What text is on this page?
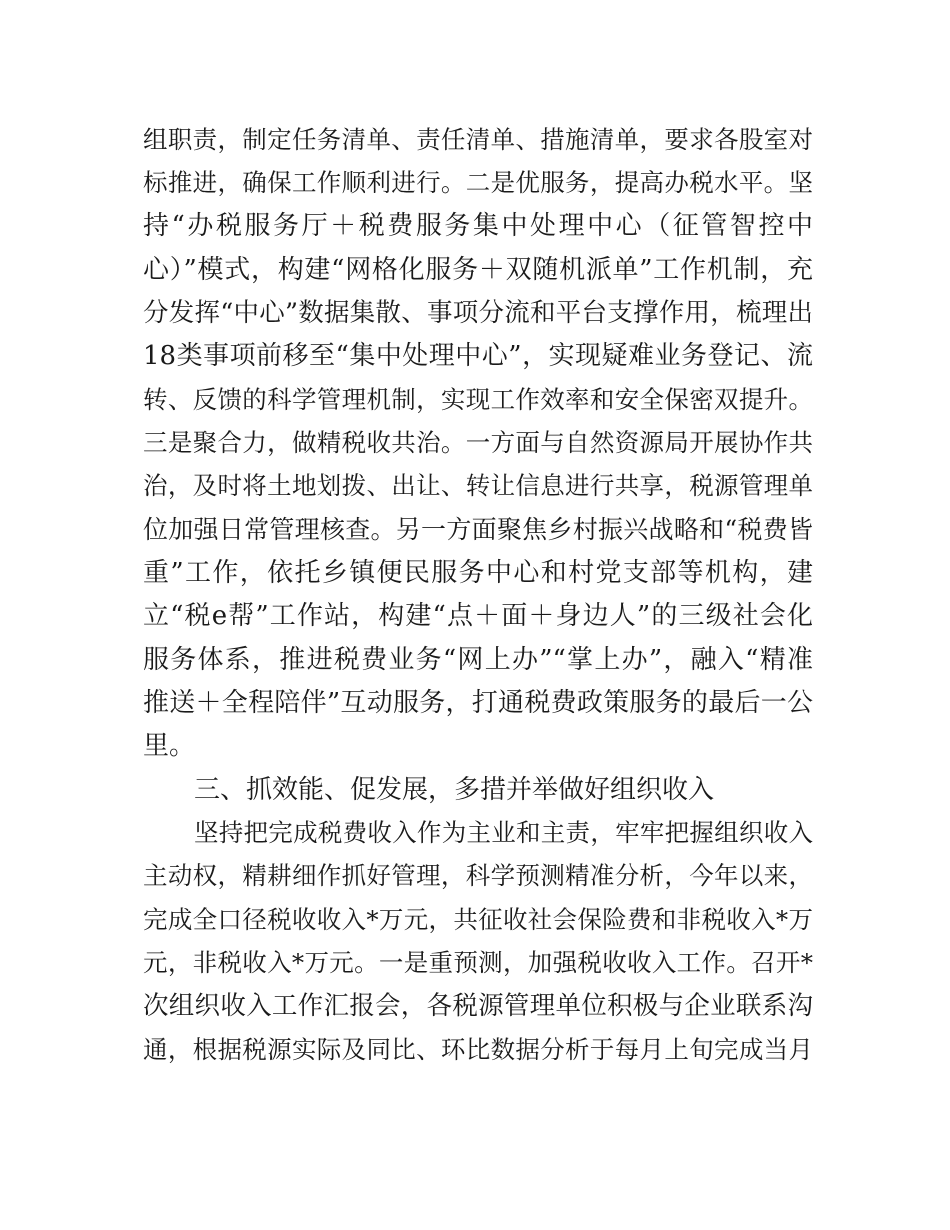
组职责，制定任务清单、责任清单、措施清单，要求各股室对
标推进，确保工作顺利进行。二是优服务，提高办税水平。坚
持“办税服务厅＋税费服务集中处理中心（征管智控中
心）”模式，构建“网格化服务＋双随机派单”工作机制，充
分发挥“中心”数据集散、事项分流和平台支撑作用，梳理出
18类事项前移至“集中处理中心”，实现疑难业务登记、流
转、反馈的科学管理机制，实现工作效率和安全保密双提升。
三是聚合力，做精税收共治。一方面与自然资源局开展协作共
治，及时将土地划拨、出让、转让信息进行共享，税源管理单
位加强日常管理核查。另一方面聚焦乡村振兴战略和“税费皆
重”工作，依托乡镇便民服务中心和村党支部等机构，建
立“税e帮”工作站，构建“点＋面＋身边人”的三级社会化
服务体系，推进税费业务“网上办”“掌上办”，融入“精准
推送＋全程陪伴”互动服务，打通税费政策服务的最后一公
里。
三、抓效能、促发展，多措并举做好组织收入
坚持把完成税费收入作为主业和主责，牢牢把握组织收入
主动权，精耕细作抓好管理，科学预测精准分析，今年以来，
完成全口径税收收入*万元，共征收社会保险费和非税收入*万
元，非税收入*万元。一是重预测，加强税收收入工作。召开*
次组织收入工作汇报会，各税源管理单位积极与企业联系沟
通，根据税源实际及同比、环比数据分析于每月上旬完成当月
